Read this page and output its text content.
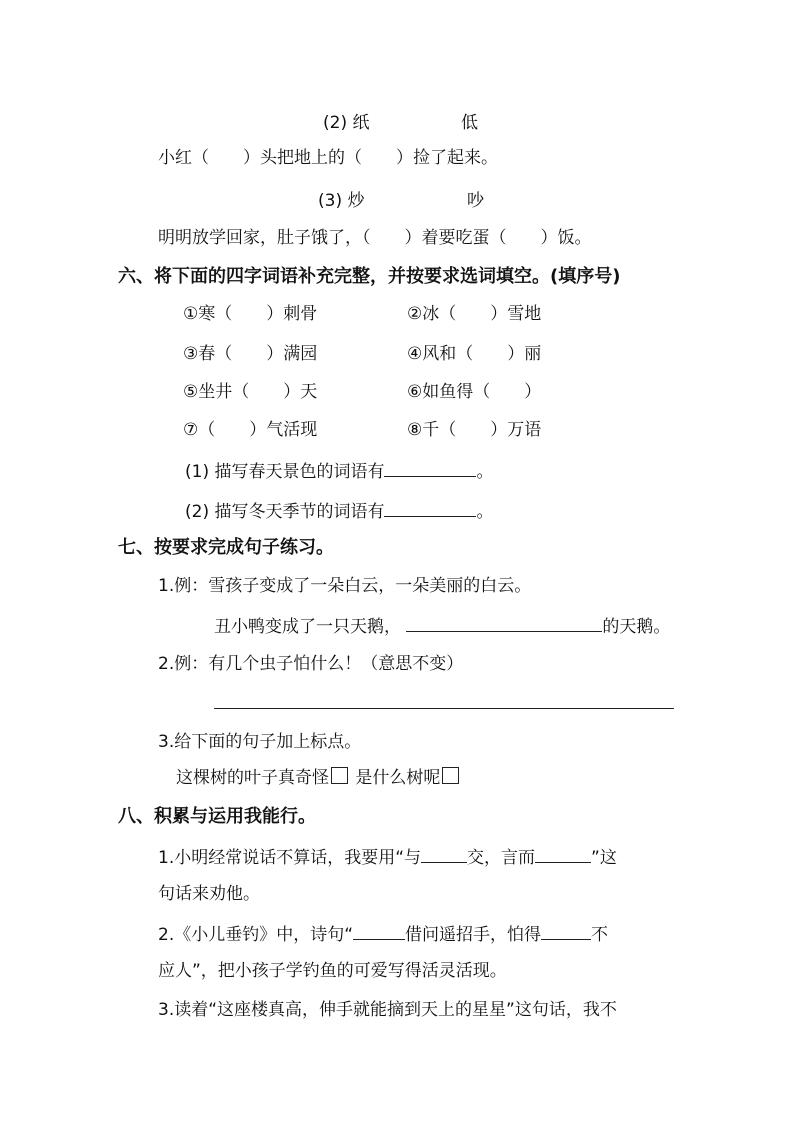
(2) 纸	低
小红（　　）头把地上的（　　）捡了起来。
(3) 炒	吵
明明放学回家，肚子饿了，（　　）着要吃蛋（　　）饭。
六、将下面的四字词语补充完整，并按要求选词填空。(填序号)
①寒（　　）刺骨	②冰（　　）雪地
③春（　　）满园	④风和（　　）丽
⑤坐井（　　）天	⑥如鱼得（　　）
⑦（　　）气活现	⑧千（　　）万语
(1) 描写春天景色的词语有	。
(2) 描写冬天季节的词语有	。
七、按要求完成句子练习。
1.例：雪孩子变成了一朵白云，一朵美丽的白云。
丑小鸭变成了一只天鹅，	的天鹅。
2.例：有几个虫子怕什么！（意思不变）
3.给下面的句子加上标点。
这棵树的叶子真奇怪 是什么树呢
八、积累与运用我能行。
1.小明经常说话不算话，我要用“与	交，言而	”这
句话来劝他。
2.《小儿垂钓》中，诗句“	借问遥招手，怕得	不
应人”，把小孩子学钓鱼的可爱写得活灵活现。
3.读着“这座楼真高，伸手就能摘到天上的星星”这句话，我不
